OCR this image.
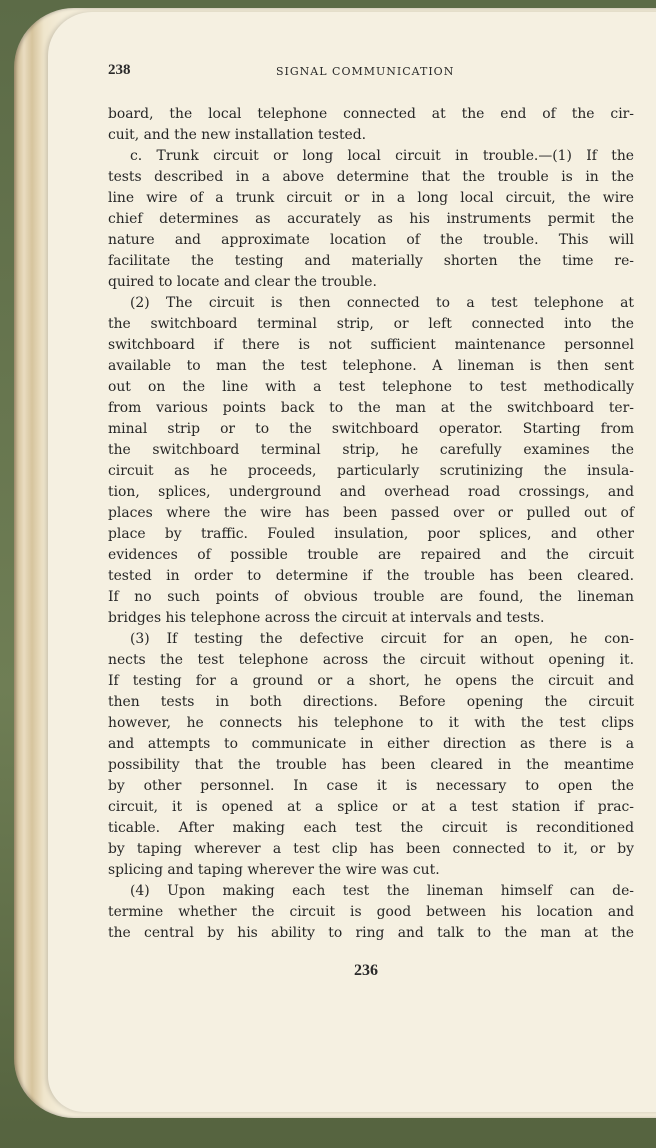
238	SIGNAL COMMUNICATION
board, the local telephone connected at the end of the cir-
cuit, and the new installation tested.
c. Trunk circuit or long local circuit in trouble.—(1) If the
tests described in a above determine that the trouble is in the
line wire of a trunk circuit or in a long local circuit, the wire
chief determines as accurately as his instruments permit the
nature and approximate location of the trouble. This will
facilitate the testing and materially shorten the time re-
quired to locate and clear the trouble.
(2) The circuit is then connected to a test telephone at
the switchboard terminal strip, or left connected into the
switchboard if there is not sufficient maintenance personnel
available to man the test telephone. A lineman is then sent
out on the line with a test telephone to test methodically
from various points back to the man at the switchboard ter-
minal strip or to the switchboard operator. Starting from
the switchboard terminal strip, he carefully examines the
circuit as he proceeds, particularly scrutinizing the insula-
tion, splices, underground and overhead road crossings, and
places where the wire has been passed over or pulled out of
place by traffic. Fouled insulation, poor splices, and other
evidences of possible trouble are repaired and the circuit
tested in order to determine if the trouble has been cleared.
If no such points of obvious trouble are found, the lineman
bridges his telephone across the circuit at intervals and tests.
(3) If testing the defective circuit for an open, he con-
nects the test telephone across the circuit without opening it.
If testing for a ground or a short, he opens the circuit and
then tests in both directions. Before opening the circuit
however, he connects his telephone to it with the test clips
and attempts to communicate in either direction as there is a
possibility that the trouble has been cleared in the meantime
by other personnel. In case it is necessary to open the
circuit, it is opened at a splice or at a test station if prac-
ticable. After making each test the circuit is reconditioned
by taping wherever a test clip has been connected to it, or by
splicing and taping wherever the wire was cut.
(4) Upon making each test the lineman himself can de-
termine whether the circuit is good between his location and
the central by his ability to ring and talk to the man at the
236
